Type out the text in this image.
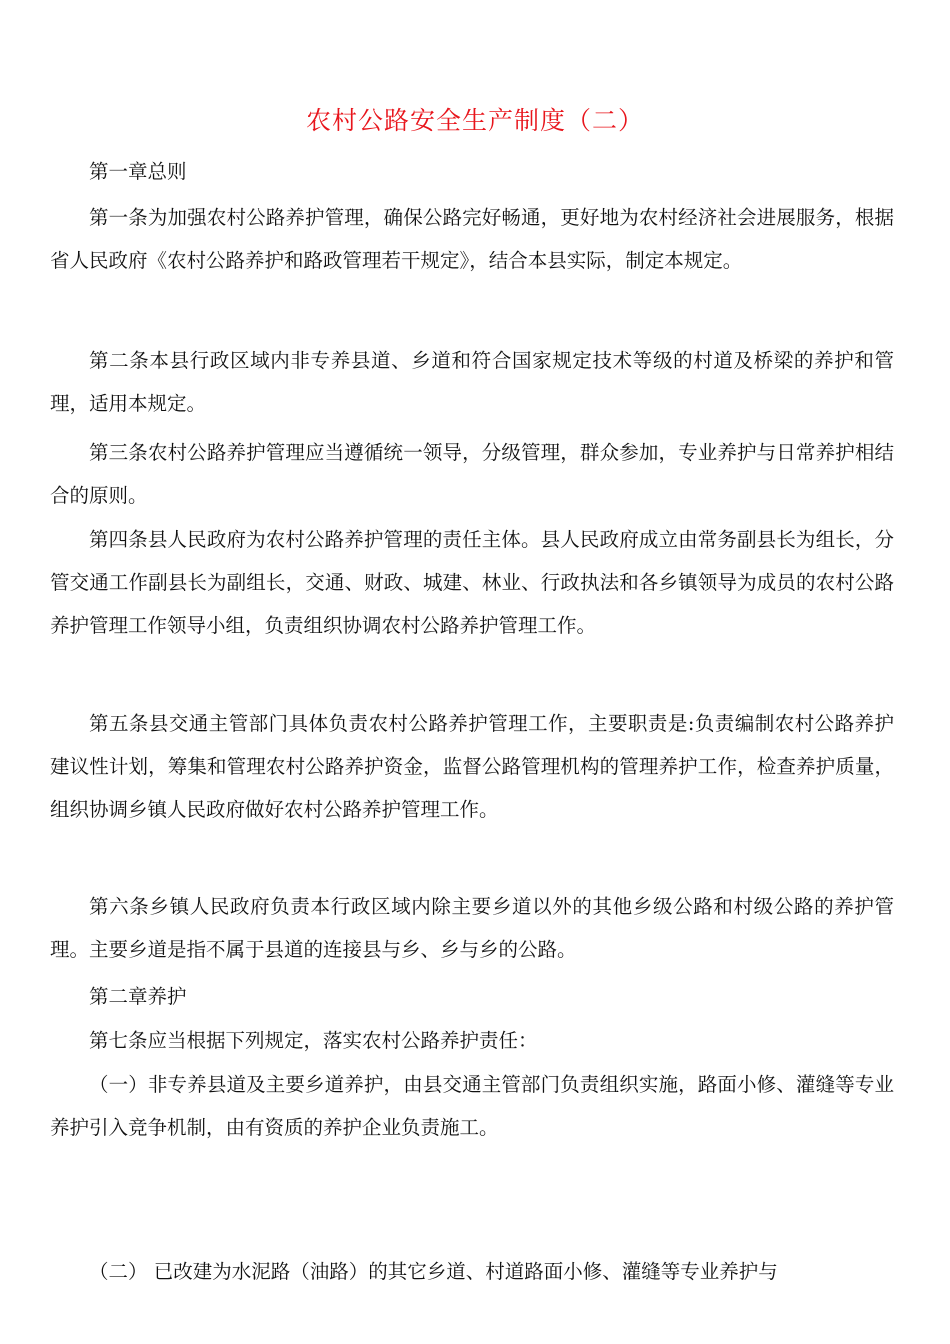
农村公路安全生产制度（二）
第一章总则
第一条为加强农村公路养护管理，确保公路完好畅通，更好地为农村经济社会进展服务，根据 省人民政府《农村公路养护和路政管理若干规定》，结合本县实际，制定本规定。
第二条本县行政区域内非专养县道、乡道和符合国家规定技术等级的村道及桥梁的养护和管理，适用本规定。
第三条农村公路养护管理应当遵循统一领导，分级管理，群众参加，专业养护与日常养护相结合的原则。
第四条县人民政府为农村公路养护管理的责任主体。县人民政府成立由常务副县长为组长，分管交通工作副县长为副组长，交通、财政、城建、林业、行政执法和各乡镇领导为成员的农村公路养护管理工作领导小组，负责组织协调农村公路养护管理工作。
第五条县交通主管部门具体负责农村公路养护管理工作，主要职责是:负责编制农村公路养护建议性计划，筹集和管理农村公路养护资金，监督公路管理机构的管理养护工作，检查养护质量，组织协调乡镇人民政府做好农村公路养护管理工作。
第六条乡镇人民政府负责本行政区域内除主要乡道以外的其他乡级公路和村级公路的养护管理。主要乡道是指不属于县道的连接县与乡、乡与乡的公路。
第二章养护
第七条应当根据下列规定，落实农村公路养护责任：
（一）非专养县道及主要乡道养护，由县交通主管部门负责组织实施，路面小修、灌缝等专业养护引入竞争机制，由有资质的养护企业负责施工。
（二） 已改建为水泥路（油路）的其它乡道、村道路面小修、灌缝等专业养护与
